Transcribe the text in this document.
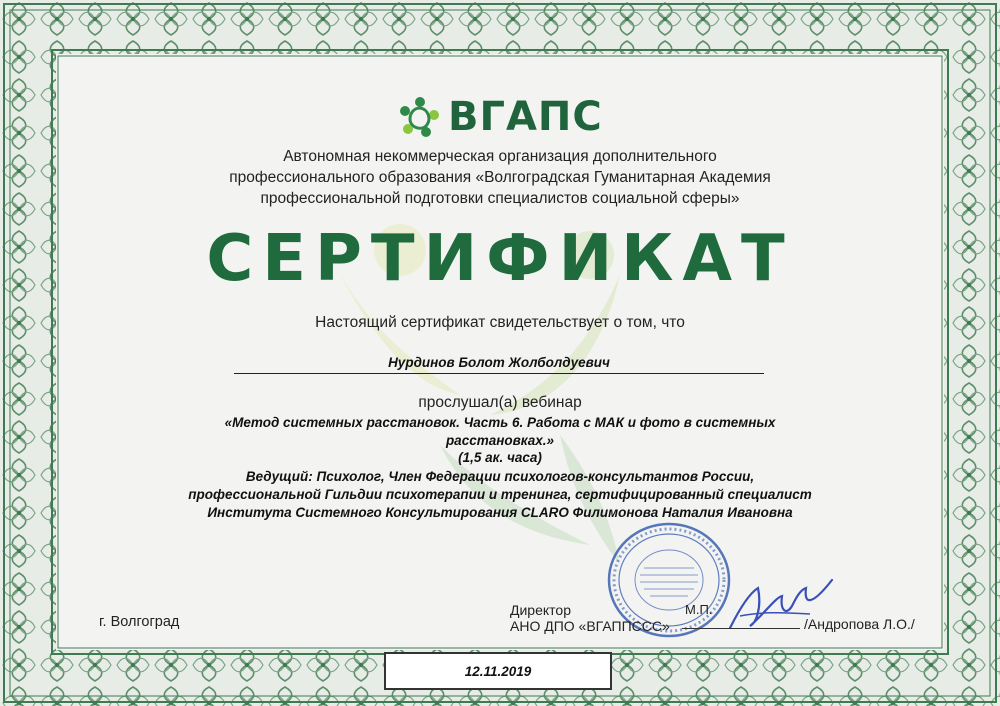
ВГАПС
Автономная некоммерческая организация дополнительного
профессионального образования «Волгоградская Гуманитарная Академия
профессиональной подготовки специалистов социальной сферы»
СЕРТИФИКАТ
Настоящий сертификат свидетельствует о том, что
Нурдинов Болот Жолболдуевич
прослушал(а) вебинар
«Метод системных расстановок. Часть 6. Работа с МАК и фото в системных
расстановках.»
(1,5 ак. часа)
Ведущий: Психолог, Член Федерации психологов-консультантов России,
профессиональной Гильдии психотерапии и тренинга, сертифицированный специалист
Института Системного Консультирования CLARO Филимонова Наталия Ивановна
г. Волгоград
Директор
АНО ДПО «ВГАППССС»
М.П.
/Андропова Л.О./
12.11.2019
